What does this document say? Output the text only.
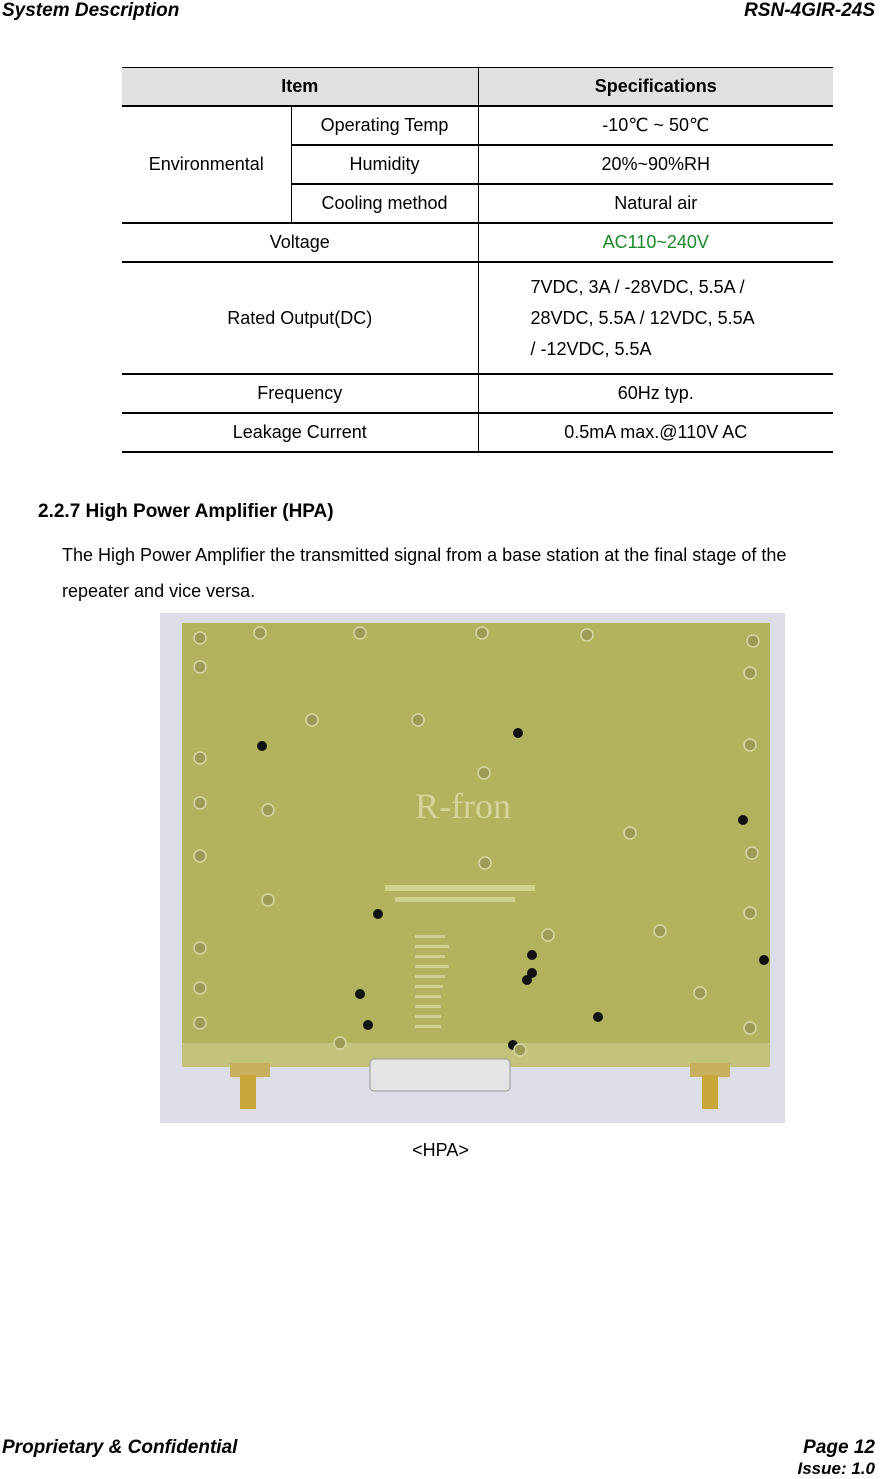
System Description	RSN-4GIR-24S
Item		Specifications
Environmental	Operating Temp	-10℃ ~ 50℃
	Humidity	20%~90%RH
	Cooling method	Natural air
Voltage		AC110~240V
Rated Output(DC)		7VDC, 3A / -28VDC, 5.5A /
28VDC, 5.5A / 12VDC, 5.5A
/ -12VDC, 5.5A

Frequency		60Hz typ.
Leakage Current		0.5mA max.@110V AC
2.2.7 High Power Amplifier (HPA)
The High Power Amplifier the transmitted signal from a base station at the final stage of the repeater and vice versa.
R-fron
<HPA>
Proprietary & Confidential	Page 12
Issue: 1.0
